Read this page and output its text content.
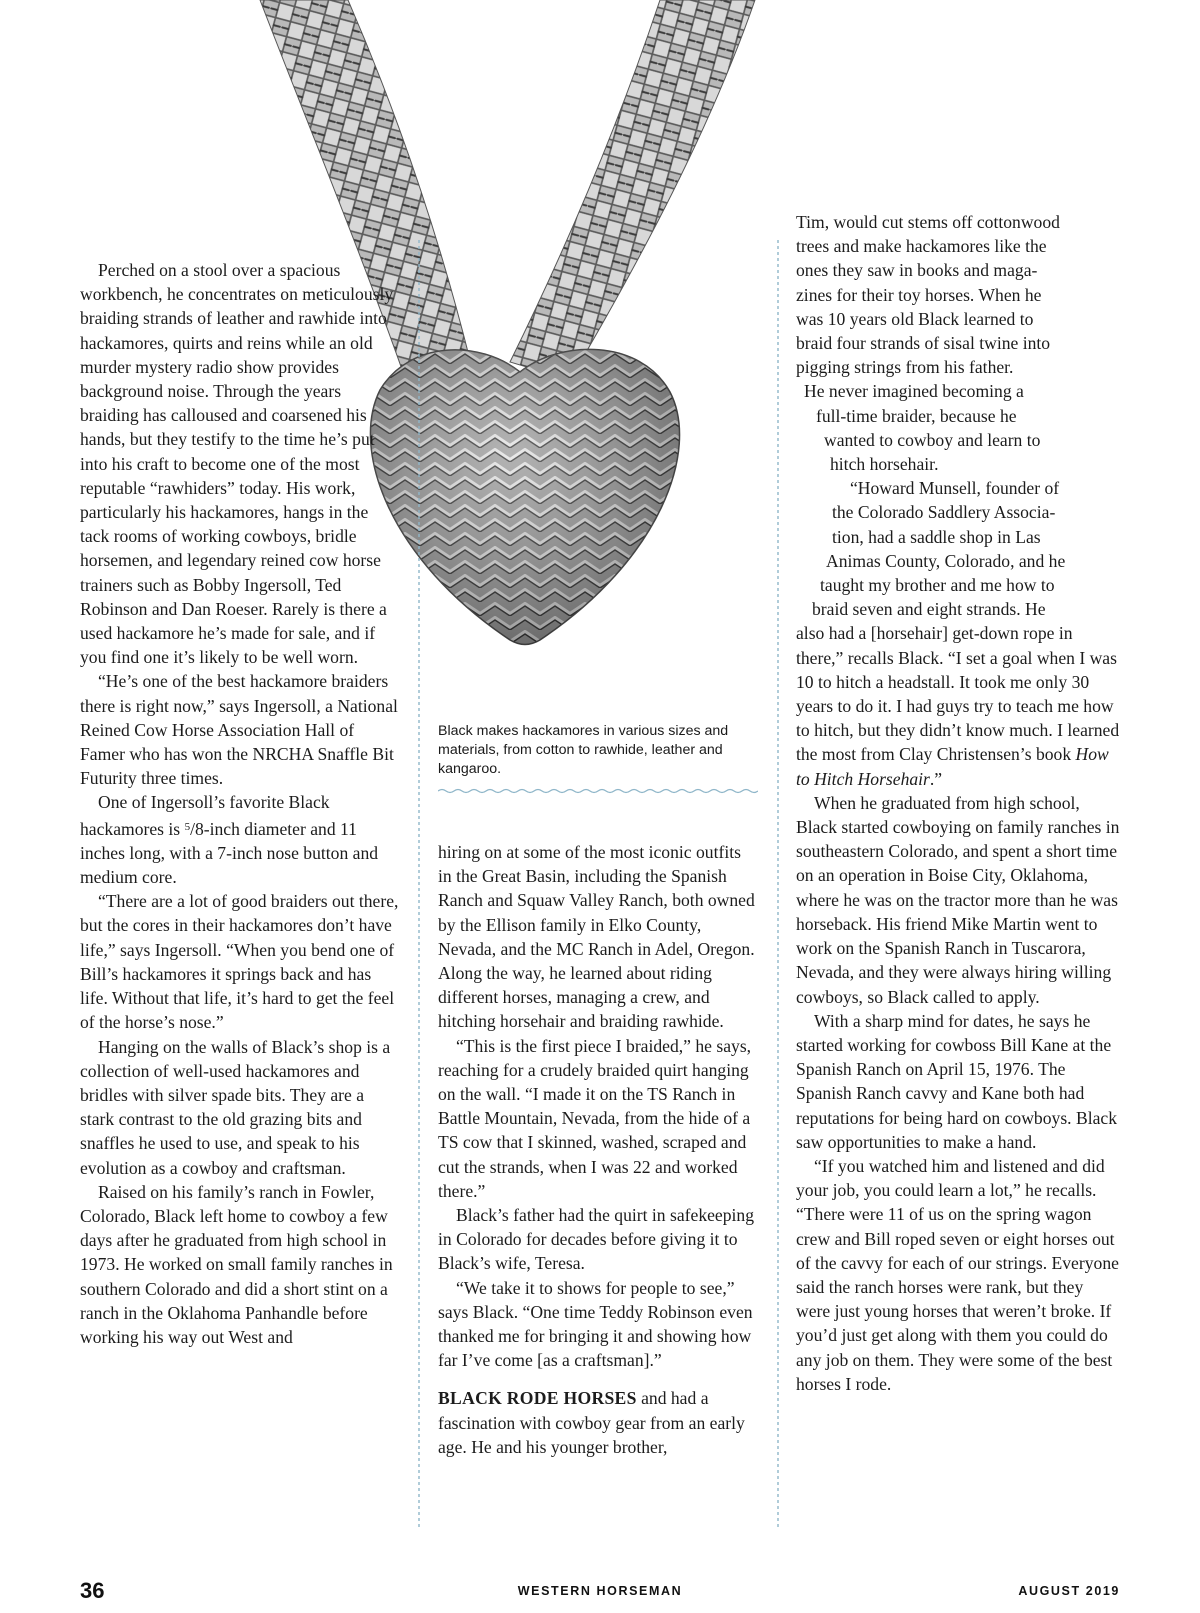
Black makes hackamores in various sizes and materials, from cotton to rawhide, leather and kangaroo.

Perched on a stool over a spacious workbench, he concentrates on meticulously braiding strands of leather and rawhide into hackamores, quirts and reins while an old murder mystery radio show provides background noise. Through the years braiding has calloused and coarsened his hands, but they testify to the time he’s put into his craft to become one of the most reputable “rawhiders” today. His work, particularly his hackamores, hangs in the tack rooms of working cowboys, bridle horsemen, and legendary reined cow horse trainers such as Bobby Ingersoll, Ted Robinson and Dan Roeser. Rarely is there a used hackamore he’s made for sale, and if you find one it’s likely to be well worn.

“He’s one of the best hackamore braiders there is right now,” says Ingersoll, a National Reined Cow Horse Association Hall of Famer who has won the NRCHA Snaffle Bit Futurity three times.

One of Ingersoll’s favorite Black hackamores is $^5$/8-inch diameter and 11 inches long, with a 7-inch nose button and medium core.

“There are a lot of good braiders out there, but the cores in their hackamores don’t have life,” says Ingersoll. “When you bend one of Bill’s hackamores it springs back and has life. Without that life, it’s hard to get the feel of the horse’s nose.”

Hanging on the walls of Black’s shop is a collection of well-used hackamores and bridles with silver spade bits. They are a stark contrast to the old grazing bits and snaffles he used to use, and speak to his evolution as a cowboy and craftsman.

Raised on his family’s ranch in Fowler, Colorado, Black left home to cowboy a few days after he graduated from high school in 1973. He worked on small family ranches in southern Colorado and did a short stint on a ranch in the Oklahoma Panhandle before working his way out West and

hiring on at some of the most iconic outfits in the Great Basin, including the Spanish Ranch and Squaw Valley Ranch, both owned by the Ellison family in Elko County, Nevada, and the MC Ranch in Adel, Oregon. Along the way, he learned about riding different horses, managing a crew, and hitching horsehair and braiding rawhide.

“This is the first piece I braided,” he says, reaching for a crudely braided quirt hanging on the wall. “I made it on the TS Ranch in Battle Mountain, Nevada, from the hide of a TS cow that I skinned, washed, scraped and cut the strands, when I was 22 and worked there.”

Black’s father had the quirt in safekeeping in Colorado for decades before giving it to Black’s wife, Teresa.

“We take it to shows for people to see,” says Black. “One time Teddy Robinson even thanked me for bringing it and showing how far I’ve come [as a craftsman].”

BLACK RODE HORSES and had a fascination with cowboy gear from an early age. He and his younger brother,

Tim, would cut stems off cottonwood
trees and make hackamores like the
ones they saw in books and maga-
zines for their toy horses. When he
was 10 years old Black learned to
braid four strands of sisal twine into
pigging strings from his father.
He never imagined becoming a
full-time braider, because he
wanted to cowboy and learn to
hitch horsehair.
“Howard Munsell, founder of
the Colorado Saddlery Associa-
tion, had a saddle shop in Las
Animas County, Colorado, and he
taught my brother and me how to
braid seven and eight strands. He

also had a [horsehair] get-down rope in there,” recalls Black. “I set a goal when I was 10 to hitch a headstall. It took me only 30 years to do it. I had guys try to teach me how to hitch, but they didn’t know much. I learned the most from Clay Christensen’s book How to Hitch Horsehair.”

When he graduated from high school, Black started cowboying on family ranches in southeastern Colorado, and spent a short time on an operation in Boise City, Oklahoma, where he was on the tractor more than he was horseback. His friend Mike Martin went to work on the Spanish Ranch in Tuscarora, Nevada, and they were always hiring willing cowboys, so Black called to apply.

With a sharp mind for dates, he says he started working for cowboss Bill Kane at the Spanish Ranch on April 15, 1976. The Spanish Ranch cavvy and Kane both had reputations for being hard on cowboys. Black saw opportunities to make a hand.

“If you watched him and listened and did your job, you could learn a lot,” he recalls. “There were 11 of us on the spring wagon crew and Bill roped seven or eight horses out of the cavvy for each of our strings. Everyone said the ranch horses were rank, but they were just young horses that weren’t broke. If you’d just get along with them you could do any job on them. They were some of the best horses I rode.

36	WESTERN HORSEMAN	AUGUST 2019
